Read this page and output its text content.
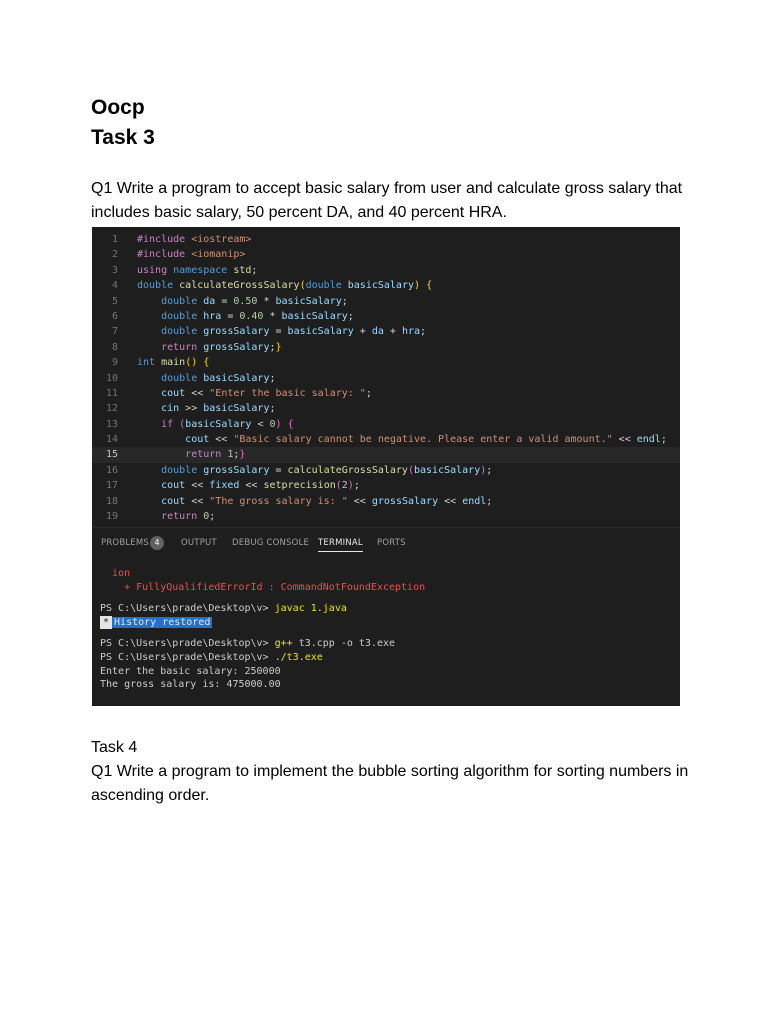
Oocp
Task 3
Q1 Write a program to accept basic salary from user and calculate gross salary that includes basic salary, 50 percent DA, and 40 percent HRA.
1 #include <iostream>
2 #include <iomanip>
3 using namespace std;
4 double calculateGrossSalary(double basicSalary) {
5	double da = 0.50 * basicSalary;
6	double hra = 0.40 * basicSalary;
7	double grossSalary = basicSalary + da + hra;
8	return grossSalary;}
9 int main() {
10	double basicSalary;
11	cout << "Enter the basic salary: ";
12	cin >> basicSalary;
13	if (basicSalary < 0) {
14	cout << "Basic salary cannot be negative. Please enter a valid amount." << endl;
15	return 1;}
16	double grossSalary = calculateGrossSalary(basicSalary);
17	cout << fixed << setprecision(2);
18	cout << "The gross salary is: " << grossSalary << endl;
19	return 0;
PROBLEMS 4	OUTPUT DEBUG CONSOLE TERMINAL PORTS
ion
+ FullyQualifiedErrorId : CommandNotFoundException
PS C:\Users\prade\Desktop\v> javac 1.java
* History restored
PS C:\Users\prade\Desktop\v> g++ t3.cpp -o t3.exe
PS C:\Users\prade\Desktop\v> ./t3.exe
Enter the basic salary: 250000
The gross salary is: 475000.00
Task 4
Q1 Write a program to implement the bubble sorting algorithm for sorting numbers in
ascending order.
